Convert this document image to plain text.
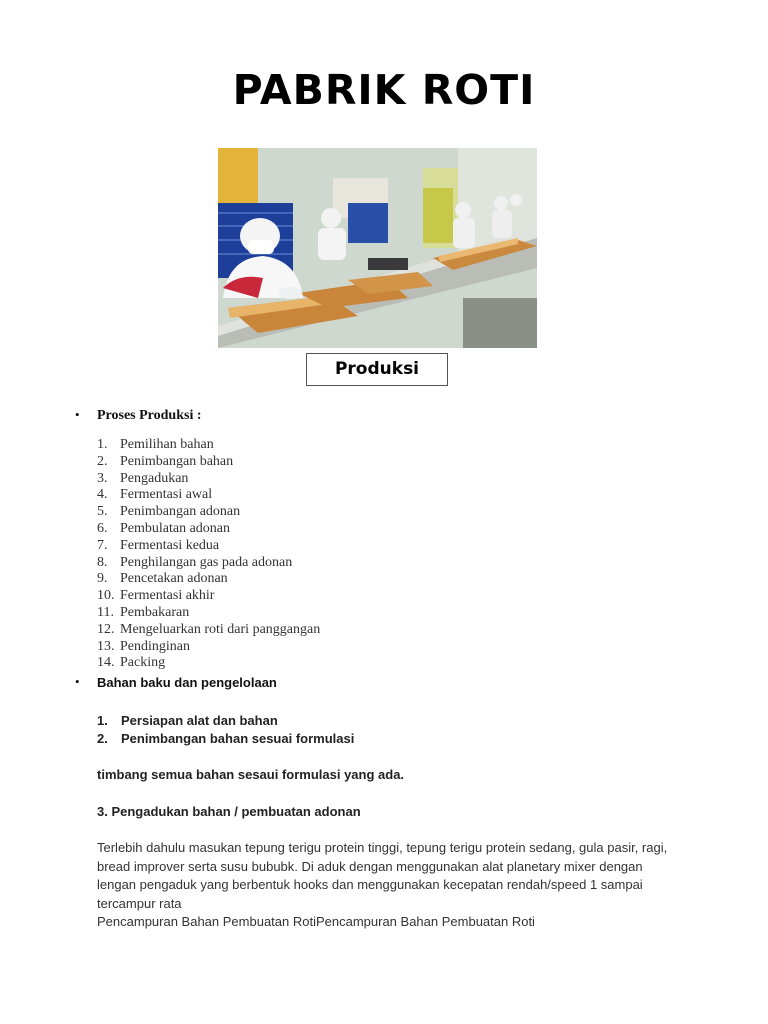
PABRIK ROTI
Produksi
• Proses Produksi :
1. Pemilihan bahan
2. Penimbangan bahan
3. Pengadukan
4. Fermentasi awal
5. Penimbangan adonan
6. Pembulatan adonan
7. Fermentasi kedua
8. Penghilangan gas pada adonan
9. Pencetakan adonan
10. Fermentasi akhir
11. Pembakaran
12. Mengeluarkan roti dari panggangan
13. Pendinginan
14. Packing
• Bahan baku dan pengelolaan
1. Persiapan alat dan bahan
2. Penimbangan bahan sesuai formulasi
timbang semua bahan sesaui formulasi yang ada.
3. Pengadukan bahan / pembuatan adonan
Terlebih dahulu masukan tepung terigu protein tinggi, tepung terigu protein sedang, gula pasir, ragi,
bread improver serta susu bububk. Di aduk dengan menggunakan alat planetary mixer dengan
lengan pengaduk yang berbentuk hooks dan menggunakan kecepatan rendah/speed 1 sampai
tercampur rata
Pencampuran Bahan Pembuatan RotiPencampuran Bahan Pembuatan Roti
